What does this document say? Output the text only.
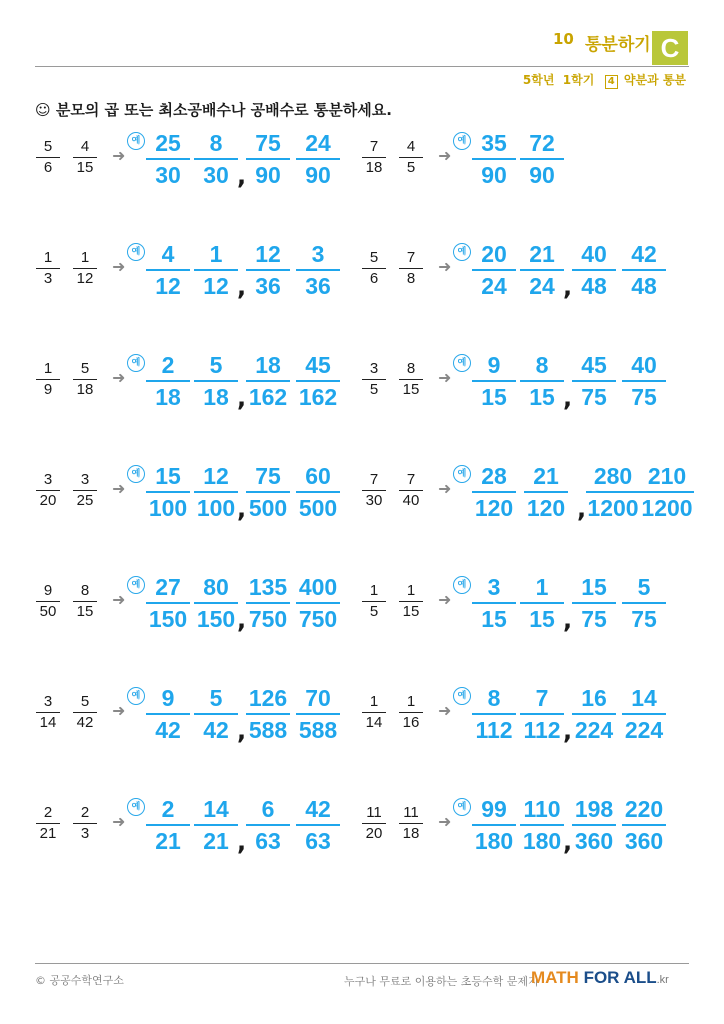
10 통분하기 C
5학년 1학기 4 약분과 통분
☺ 분모의 곱 또는 최소공배수나 공배수로 통분하세요.
5
6
4
15
➜
예 25
30
8
30
75
90
24
90
,
7
18
4
5
➜
예 35
90
72
90
1
3
1
12
➜
예 4
12
1
12
12
36
3
36
,
5
6
7
8
➜
예 20
24
21
24
40
48
42
48
,
1
9
5
18
➜
예 2
18
5
18
18
162
45
162
,
3
5
8
15
➜
예 9
15
8
15
45
75
40
75
,
3
20
3
25
➜
예 15
100
12
100
75
500
60
500
,
7
30
7
40
➜
예 28
120
21
120
280
1200
210
1200
,
9
50
8
15
➜
예 27
150
80
150
135
750
400
750
,
1
5
1
15
➜
예 3
15
1
15
15
75
5
75
,
3
14
5
42
➜
예 9
42
5
42
126
588
70
588
,
1
14
1
16
➜
예 8
112
7
112
16
224
14
224
,
2
21
2
3
➜
예 2
21
14
21
6
63
42
63
,
11
20
11
18
➜
예 99
180
110
180
198
360
220
360
,
© 공공수학연구소	누구나 무료로 이용하는 초등수학 문제지
MATH FOR ALL.kr
